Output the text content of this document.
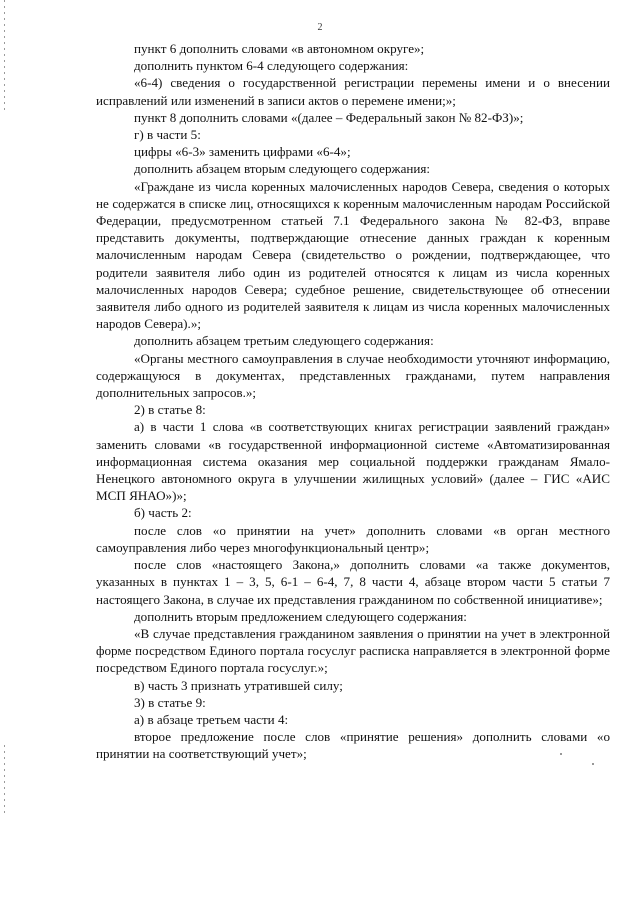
2

пункт 6 дополнить словами «в автономном округе»;

дополнить пунктом 6-4 следующего содержания:

«6-4) сведения о государственной регистрации перемены имени и о внесении исправлений или изменений в записи актов о перемене имени;»;

пункт 8 дополнить словами «(далее – Федеральный закон № 82-ФЗ)»;

г) в части 5:

цифры «6-3» заменить цифрами «6-4»;

дополнить абзацем вторым следующего содержания:

«Граждане из числа коренных малочисленных народов Севера, сведения о которых не содержатся в списке лиц, относящихся к коренным малочисленным народам Российской Федерации, предусмотренном статьей 7.1 Федерального закона № 82-ФЗ, вправе представить документы, подтверждающие отнесение данных граждан к коренным малочисленным народам Севера (свидетельство о рождении, подтверждающее, что родители заявителя либо один из родителей относятся к лицам из числа коренных малочисленных народов Севера; судебное решение, свидетельствующее об отнесении заявителя либо одного из родителей заявителя к лицам из числа коренных малочисленных народов Севера).»;

дополнить абзацем третьим следующего содержания:

«Органы местного самоуправления в случае необходимости уточняют информацию, содержащуюся в документах, представленных гражданами, путем направления дополнительных запросов.»;

2) в статье 8:

а) в части 1 слова «в соответствующих книгах регистрации заявлений граждан» заменить словами «в государственной информационной системе «Автоматизированная информационная система оказания мер социальной поддержки гражданам Ямало-Ненецкого автономного округа в улучшении жилищных условий» (далее – ГИС «АИС МСП ЯНАО»)»;

б) часть 2:

после слов «о принятии на учет» дополнить словами «в орган местного самоуправления либо через многофункциональный центр»;

после слов «настоящего Закона,» дополнить словами «а также документов, указанных в пунктах 1 – 3, 5, 6-1 – 6-4, 7, 8 части 4, абзаце втором части 5 статьи 7 настоящего Закона, в случае их представления гражданином по собственной инициативе»;

дополнить вторым предложением следующего содержания:

«В случае представления гражданином заявления о принятии на учет в электронной форме посредством Единого портала госуслуг расписка направляется в электронной форме посредством Единого портала госуслуг.»;

в) часть 3 признать утратившей силу;

3) в статье 9:

а) в абзаце третьем части 4:

второе предложение после слов «принятие решения» дополнить словами «о принятии на соответствующий учет»;
